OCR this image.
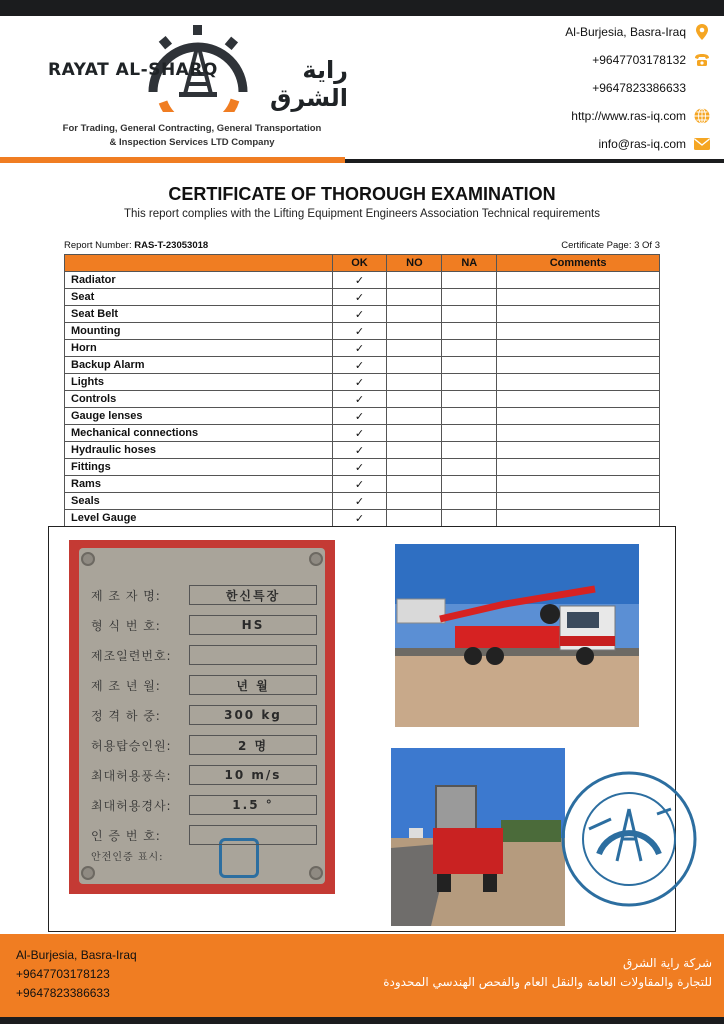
RAYAT AL-SHARQ	راية الشرق
For Trading, General Contracting, General Transportation
& Inspection Services LTD Company
Al-Burjesia, Basra-Iraq
+9647703178132
+9647823386633
http://www.ras-iq.com
info@ras-iq.com
CERTIFICATE OF THOROUGH EXAMINATION
This report complies with the Lifting Equipment Engineers Association Technical requirements
Report Number: RAS-T-23053018	Certificate Page: 3 Of 3
	OK	NO	NA	Comments
Radiator	✓			
Seat	✓			
Seat Belt	✓			
Mounting	✓			
Horn	✓			
Backup Alarm	✓			
Lights	✓			
Controls	✓			
Gauge lenses	✓			
Mechanical connections	✓			
Hydraulic hoses	✓			
Fittings	✓			
Rams	✓			
Seals	✓			
Level Gauge	✓			
안전인증 표시:
제 조 자 명:	한신특장
형 식 번 호:	HS
제조일련번호:
제 조 년 월:	년 월
정 격 하 중:	300 kg
허용탑승인원:	2 명
최대허용풍속:	10 m/s
최대허용경사:	1.5 °
인 증 번 호:
Al-Burjesia, Basra-Iraq
+9647703178123
+9647823386633
شركة راية الشرق
للتجارة والمقاولات العامة والنقل العام والفحص الهندسي المحدودة
